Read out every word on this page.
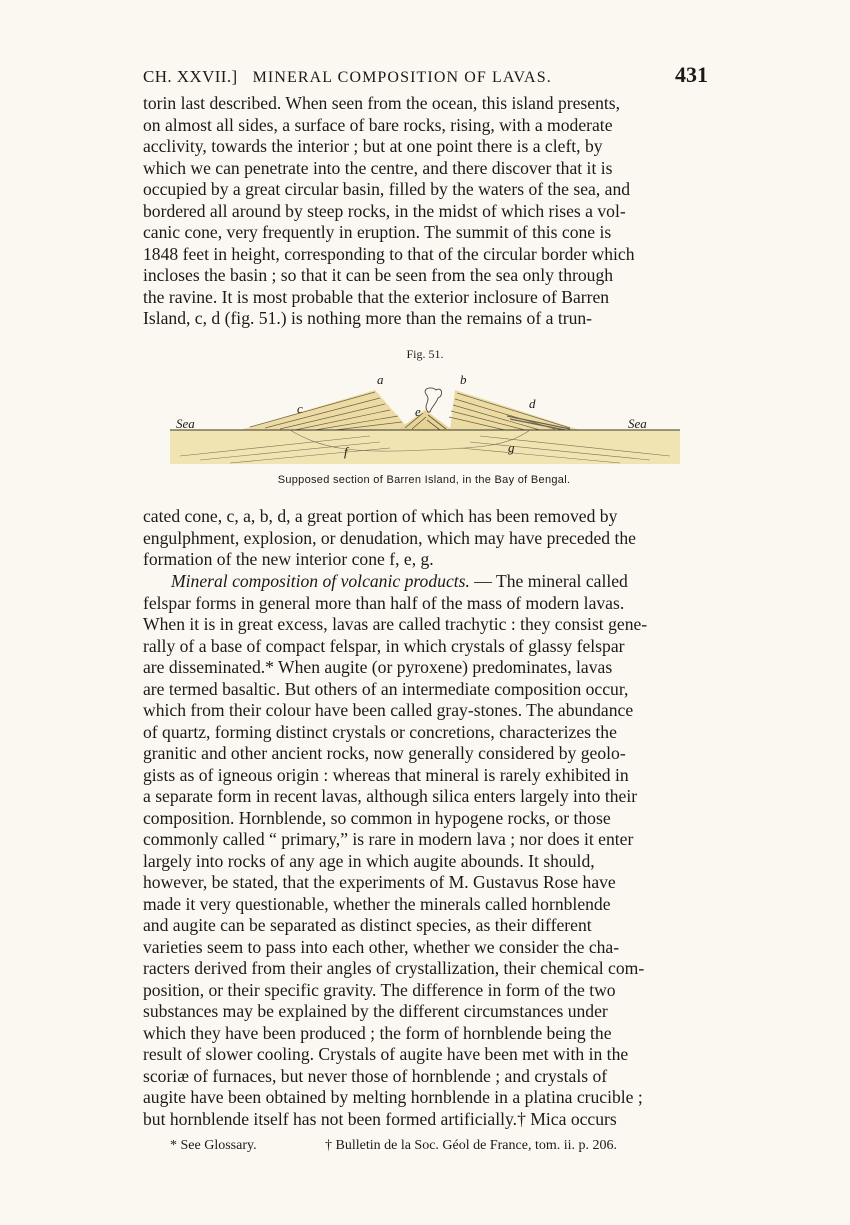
CH. XXVII.] MINERAL COMPOSITION OF LAVAS.	431

torin last described. When seen from the ocean, this island presents,
on almost all sides, a surface of bare rocks, rising, with a moderate
acclivity, towards the interior ; but at one point there is a cleft, by
which we can penetrate into the centre, and there discover that it is
occupied by a great circular basin, filled by the waters of the sea, and
bordered all around by steep rocks, in the midst of which rises a vol-
canic cone, very frequently in eruption. The summit of this cone is
1848 feet in height, corresponding to that of the circular border which
incloses the basin ; so that it can be seen from the sea only through
the ravine. It is most probable that the exterior inclosure of Barren
Island, c, d (fig. 51.) is nothing more than the remains of a trun-

Fig. 51.
a	b
c	d
e
f	g
Sea	Sea
Supposed section of Barren Island, in the Bay of Bengal.

cated cone, c, a, b, d, a great portion of which has been removed by
engulphment, explosion, or denudation, which may have preceded the
formation of the new interior cone f, e, g.

Mineral composition of volcanic products. — The mineral called
felspar forms in general more than half of the mass of modern lavas.
When it is in great excess, lavas are called trachytic : they consist gene-
rally of a base of compact felspar, in which crystals of glassy felspar
are disseminated.* When augite (or pyroxene) predominates, lavas
are termed basaltic. But others of an intermediate composition occur,
which from their colour have been called gray-stones. The abundance
of quartz, forming distinct crystals or concretions, characterizes the
granitic and other ancient rocks, now generally considered by geolo-
gists as of igneous origin : whereas that mineral is rarely exhibited in
a separate form in recent lavas, although silica enters largely into their
composition. Hornblende, so common in hypogene rocks, or those
commonly called “ primary,” is rare in modern lava ; nor does it enter
largely into rocks of any age in which augite abounds. It should,
however, be stated, that the experiments of M. Gustavus Rose have
made it very questionable, whether the minerals called hornblende
and augite can be separated as distinct species, as their different
varieties seem to pass into each other, whether we consider the cha-
racters derived from their angles of crystallization, their chemical com-
position, or their specific gravity. The difference in form of the two
substances may be explained by the different circumstances under
which they have been produced ; the form of hornblende being the
result of slower cooling. Crystals of augite have been met with in the
scoriæ of furnaces, but never those of hornblende ; and crystals of
augite have been obtained by melting hornblende in a platina crucible ;
but hornblende itself has not been formed artificially.† Mica occurs

* See Glossary.	† Bulletin de la Soc. Géol de France, tom. ii. p. 206.
